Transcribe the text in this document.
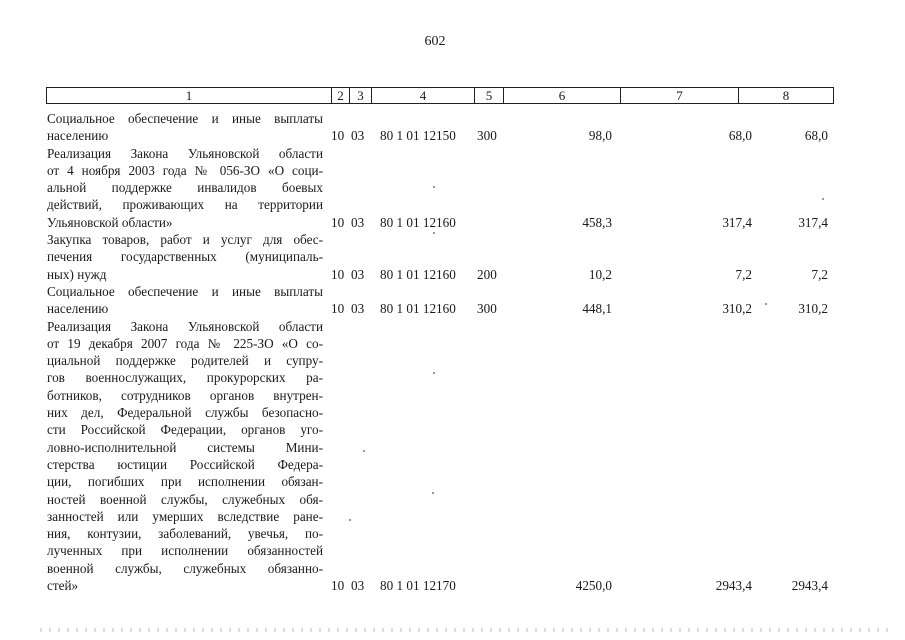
602
1	2	3	4	5	6	7	8
Социальное обеспечение и иные выплаты
населению	10 03 80 1 01 12150 300	98,0	68,0	68,0
Реализация Закона Ульяновской области
от 4 ноября 2003 года № 056-ЗО «О соци-
альной поддержке инвалидов боевых
действий, проживающих на территории
Ульяновской области»	10 03 80 1 01 12160	458,3	317,4	317,4
Закупка товаров, работ и услуг для обес-
печения государственных (муниципаль-
ных) нужд	10 03 80 1 01 12160 200	10,2	7,2	7,2
Социальное обеспечение и иные выплаты
населению	10 03 80 1 01 12160 300	448,1	310,2	310,2
Реализация Закона Ульяновской области
от 19 декабря 2007 года № 225-ЗО «О со-
циальной поддержке родителей и супру-
гов военнослужащих, прокурорских ра-
ботников, сотрудников органов внутрен-
них дел, Федеральной службы безопасно-
сти Российской Федерации, органов уго-
ловно-исполнительной системы Мини-
стерства юстиции Российской Федера-
ции, погибших при исполнении обязан-
ностей военной службы, служебных обя-
занностей или умерших вследствие ране-
ния, контузии, заболеваний, увечья, по-
лученных при исполнении обязанностей
военной службы, служебных обязанно-
стей»	10 03 80 1 01 12170	4250,0	2943,4	2943,4
